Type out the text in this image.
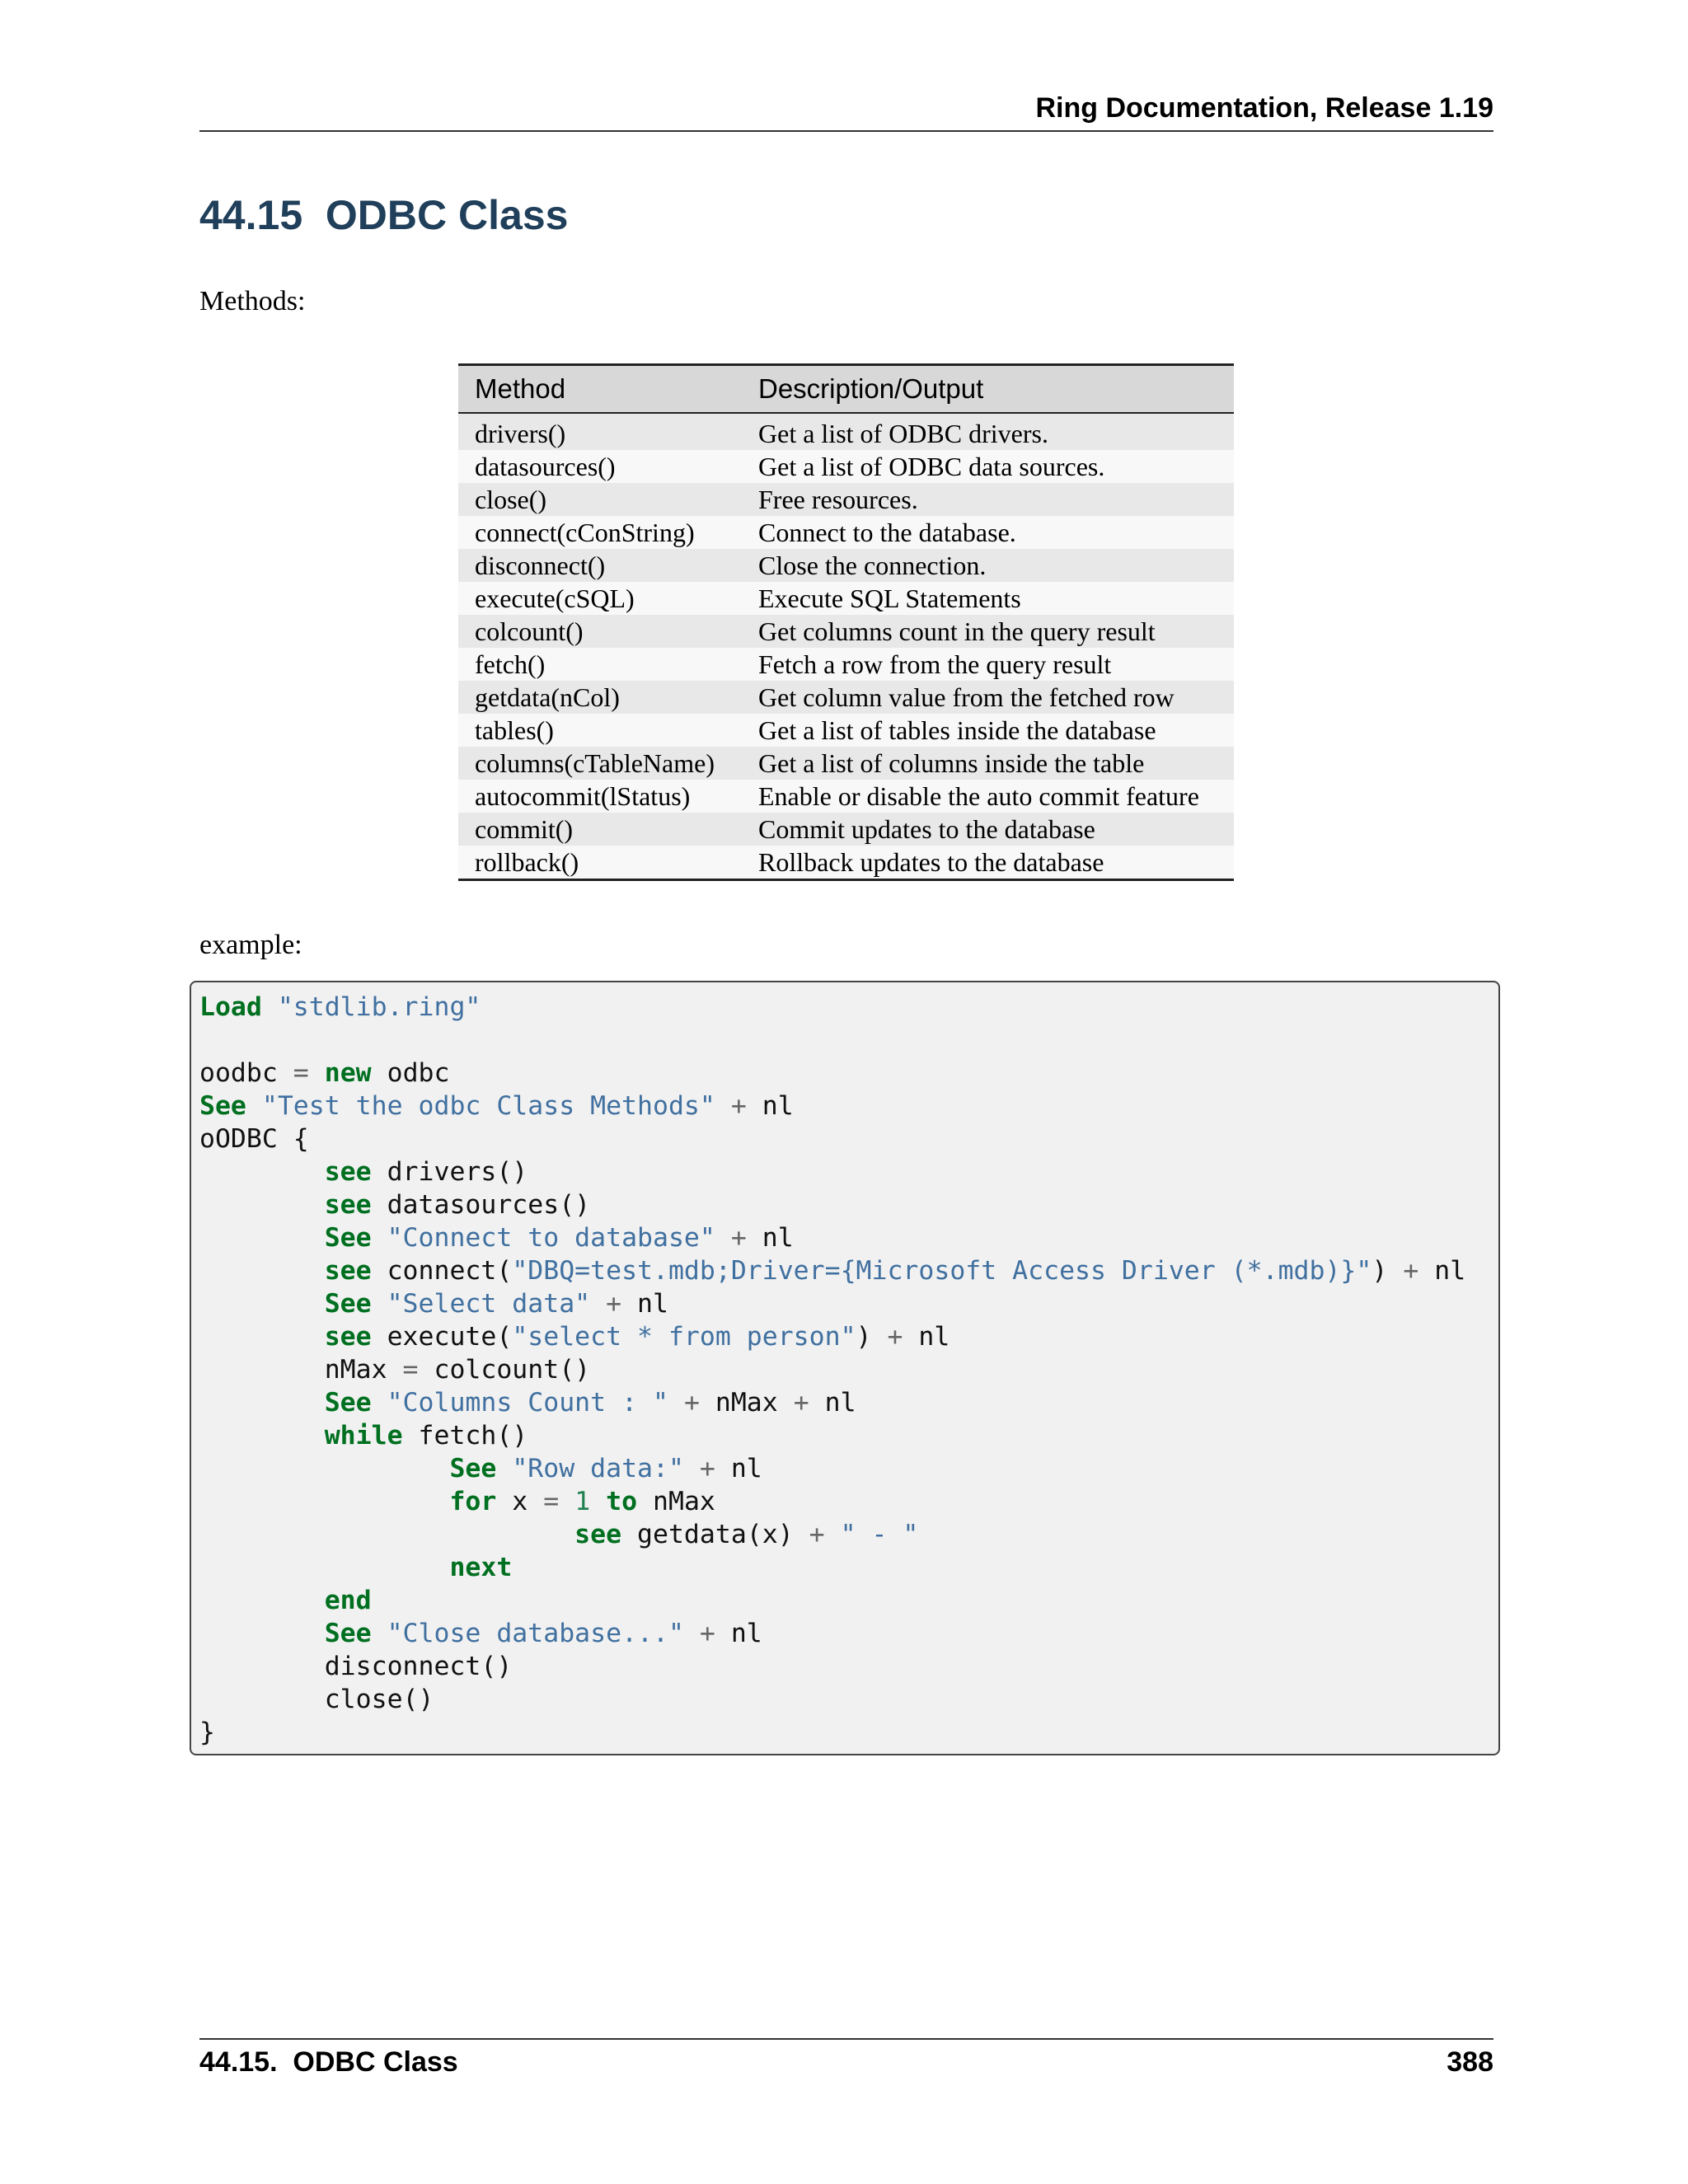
Ring Documentation, Release 1.19
44.15  ODBC Class
Methods:
Method	Description/Output
drivers()	Get a list of ODBC drivers.
datasources()	Get a list of ODBC data sources.
close()	Free resources.
connect(cConString)	Connect to the database.
disconnect()	Close the connection.
execute(cSQL)	Execute SQL Statements
colcount()	Get columns count in the query result
fetch()	Fetch a row from the query result
getdata(nCol)	Get column value from the fetched row
tables()	Get a list of tables inside the database
columns(cTableName)	Get a list of columns inside the table
autocommit(lStatus)	Enable or disable the auto commit feature
commit()	Commit updates to the database
rollback()	Rollback updates to the database
example:
Load "stdlib.ring"
oodbc = new odbc
See "Test the odbc Class Methods" + nl
oODBC {
see drivers()
see datasources()
See "Connect to database" + nl
see connect("DBQ=test.mdb;Driver={Microsoft Access Driver (*.mdb)}") + nl
See "Select data" + nl
see execute("select * from person") + nl
nMax = colcount()
See "Columns Count : " + nMax + nl
while fetch()
See "Row data:" + nl
for x = 1 to nMax
see getdata(x) + " - "
next
end
See "Close database..." + nl
disconnect()
close()
}
44.15.  ODBC Class	388
